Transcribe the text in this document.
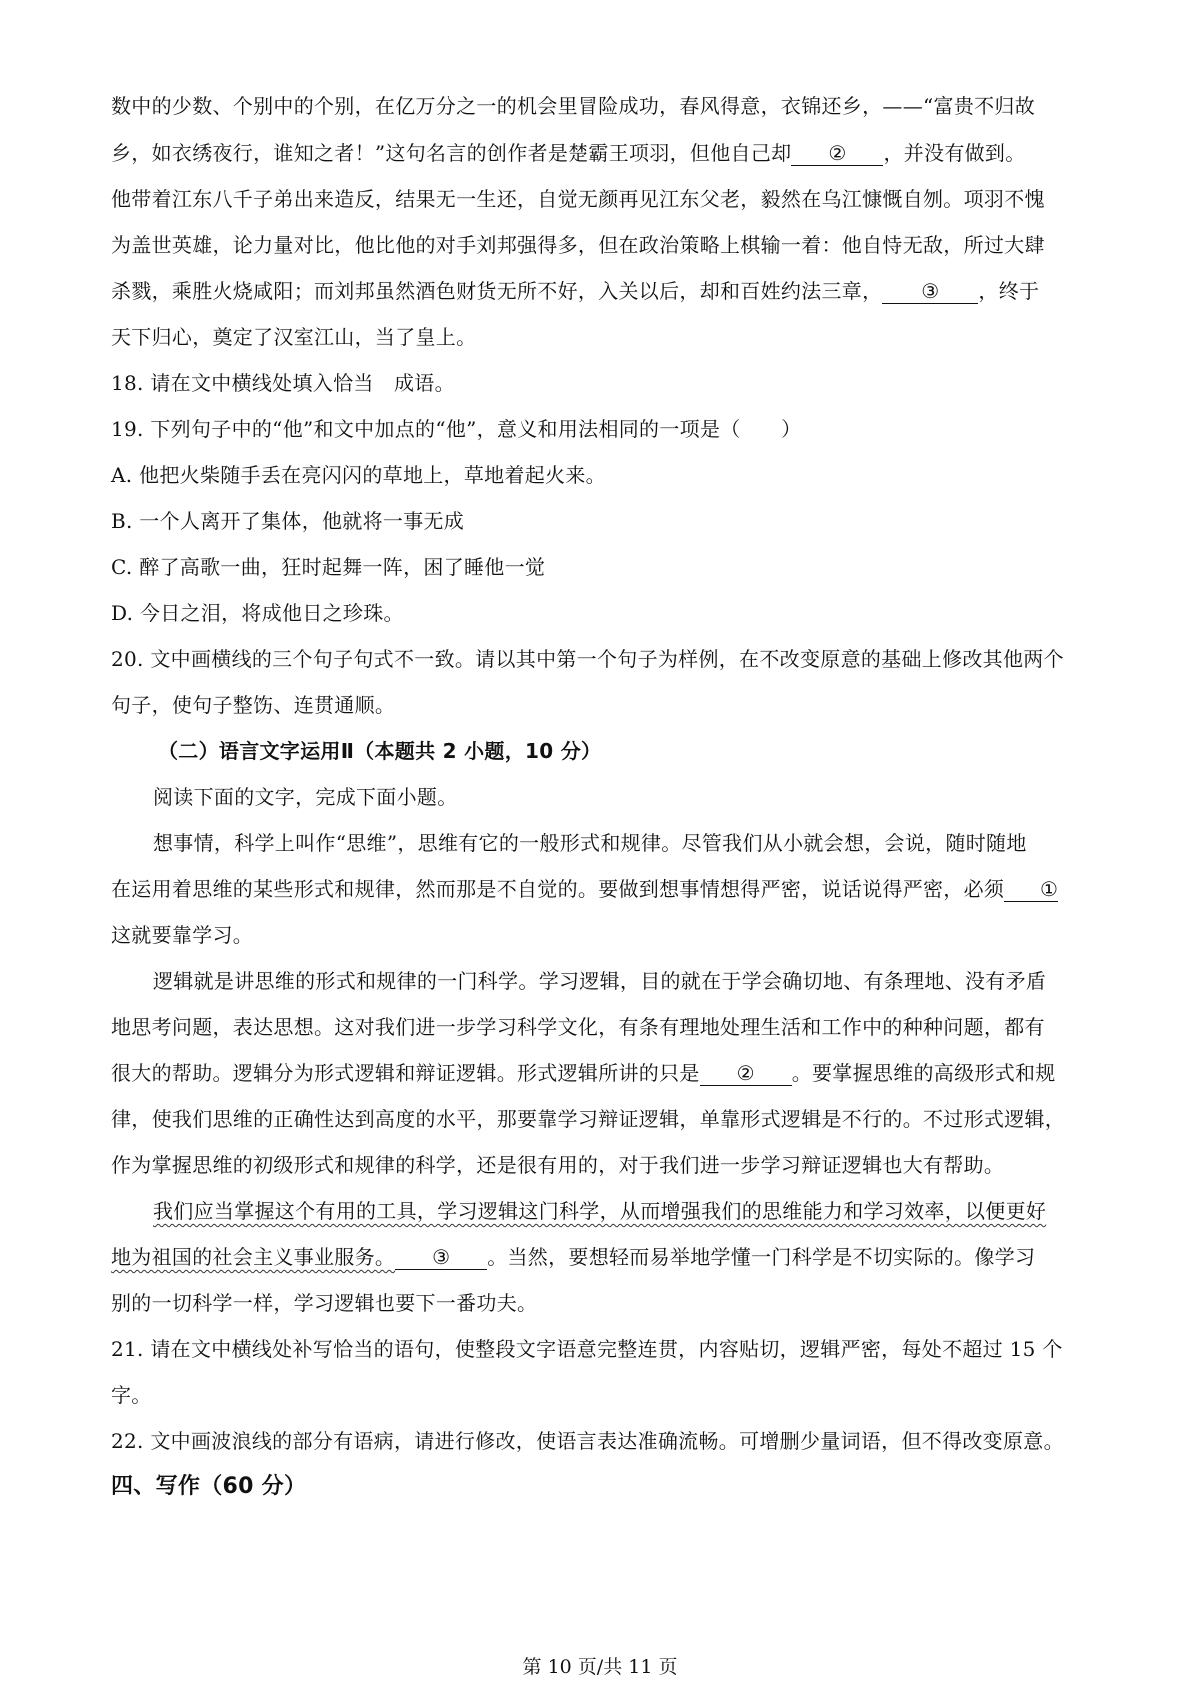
数中的少数、个别中的个别，在亿万分之一的机会里冒险成功，春风得意，衣锦还乡，——“富贵不归故
乡，如衣绣夜行，谁知之者！”这句名言的创作者是楚霸王项羽，但他自己却 ② ，并没有做到。
他带着江东八千子弟出来造反，结果无一生还，自觉无颜再见江东父老，毅然在乌江慷慨自刎。项羽不愧
为盖世英雄，论力量对比，他比他的对手刘邦强得多，但在政治策略上棋输一着：他自恃无敌，所过大肆
杀戮，乘胜火烧咸阳；而刘邦虽然酒色财货无所不好，入关以后，却和百姓约法三章， ③ ，终于
天下归心，奠定了汉室江山，当了皇上。
18. 请在文中横线处填入恰当　成语。
19. 下列句子中的“他”和文中加点的“他”，意义和用法相同的一项是（　　）
A. 他把火柴随手丢在亮闪闪的草地上，草地着起火来。
B. 一个人离开了集体，他就将一事无成
C. 醉了高歌一曲，狂时起舞一阵，困了睡他一觉
D. 今日之泪，将成他日之珍珠。
20. 文中画横线的三个句子句式不一致。请以其中第一个句子为样例，在不改变原意的基础上修改其他两个
句子，使句子整饬、连贯通顺。
（二）语言文字运用Ⅱ（本题共 2 小题，10 分）
阅读下面的文字，完成下面小题。
想事情，科学上叫作“思维”，思维有它的一般形式和规律。尽管我们从小就会想，会说，随时随地
在运用着思维的某些形式和规律，然而那是不自觉的。要做到想事情想得严密，说话说得严密，必须 ①
这就要靠学习。
逻辑就是讲思维的形式和规律的一门科学。学习逻辑，目的就在于学会确切地、有条理地、没有矛盾
地思考问题，表达思想。这对我们进一步学习科学文化，有条有理地处理生活和工作中的种种问题，都有
很大的帮助。逻辑分为形式逻辑和辩证逻辑。形式逻辑所讲的只是 ② 。要掌握思维的高级形式和规
律，使我们思维的正确性达到高度的水平，那要靠学习辩证逻辑，单靠形式逻辑是不行的。不过形式逻辑，
作为掌握思维的初级形式和规律的科学，还是很有用的，对于我们进一步学习辩证逻辑也大有帮助。
我们应当掌握这个有用的工具，学习逻辑这门科学，从而增强我们的思维能力和学习效率，以便更好
地为祖国的社会主义事业服务。 ③ 。当然，要想轻而易举地学懂一门科学是不切实际的。像学习
别的一切科学一样，学习逻辑也要下一番功夫。
21. 请在文中横线处补写恰当的语句，使整段文字语意完整连贯，内容贴切，逻辑严密，每处不超过 15 个
字。
22. 文中画波浪线的部分有语病，请进行修改，使语言表达准确流畅。可增删少量词语，但不得改变原意。
四、写作（60 分）
第 10 页/共 11 页
